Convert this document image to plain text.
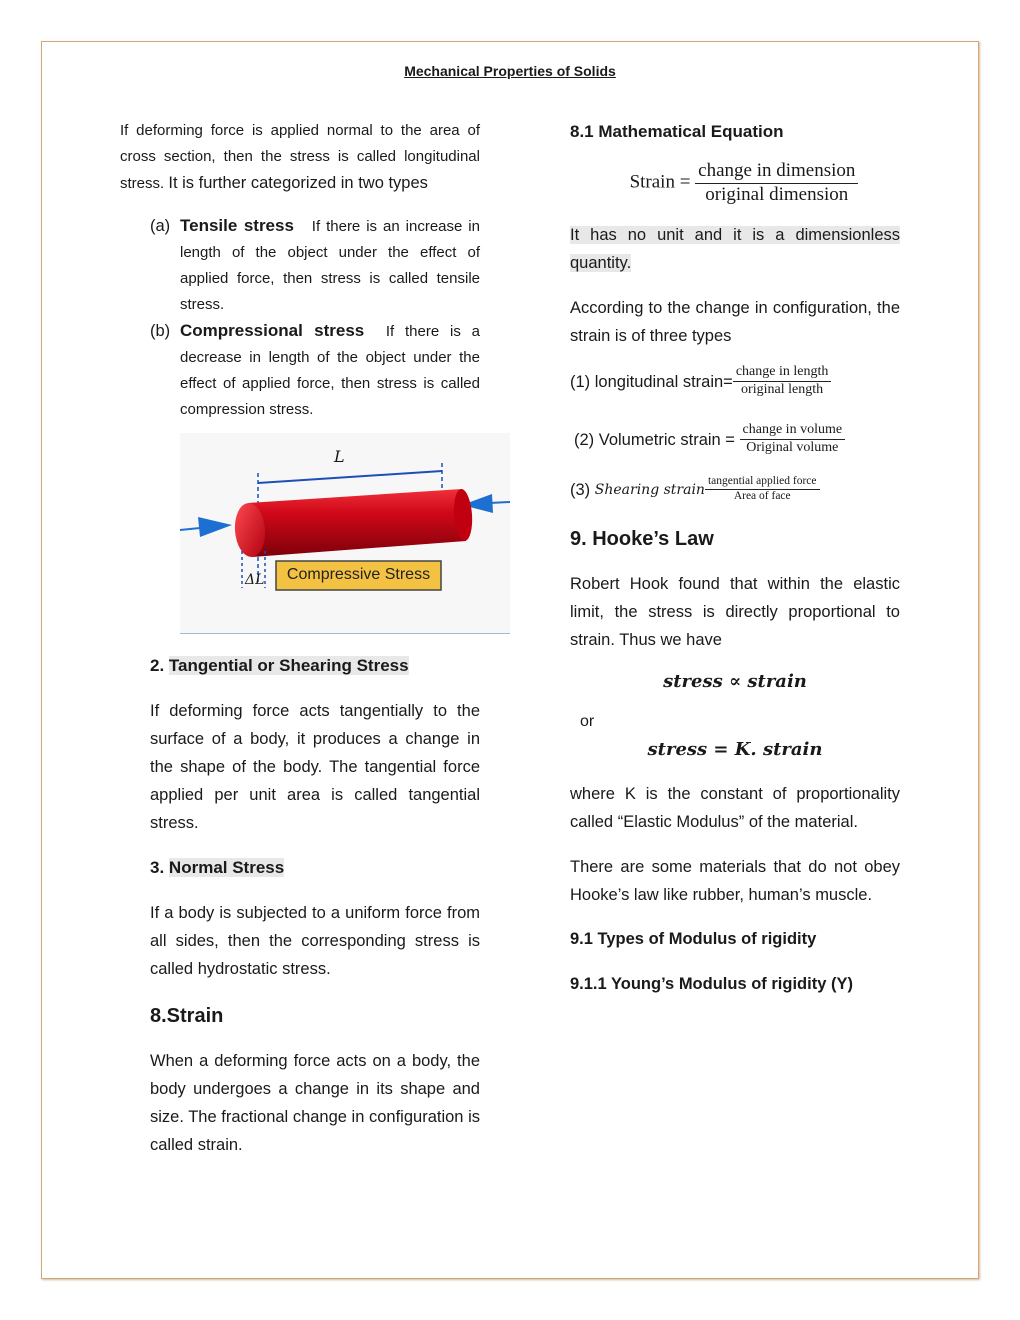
Mechanical Properties of Solids

If deforming force is applied normal to the area of cross section, then the stress is called longitudinal stress. It is further categorized in two types

(a) Tensile stress If there is an increase in length of the object under the effect of applied force, then stress is called tensile stress.
(b) Compressional stress If there is a decrease in length of the object under the effect of applied force, then stress is called compression stress.
L
ΔL	Compressive Stress
2. Tangential or Shearing Stress

If deforming force acts tangentially to the surface of a body, it produces a change in the shape of the body. The tangential force applied per unit area is called tangential stress.

3. Normal Stress

If a body is subjected to a uniform force from all sides, then the corresponding stress is called hydrostatic stress.

8.Strain

When a deforming force acts on a body, the body undergoes a change in its shape and size. The fractional change in configuration is called strain.

8.1 Mathematical Equation
Strain = $\frac{\text{change in dimension}}{\text{original dimension}}$

It has no unit and it is a dimensionless quantity.

According to the change in configuration, the strain is of three types

(1) longitudinal strain= $\frac{\text{change in length}}{\text{original length}}$
(2) Volumetric strain =
$\frac{\text{change in volume}}{\text{Original volume}}$
(3)
Shearing strain $\frac{\text{tangential applied force}}{\text{Area of face}}$
9. Hooke’s Law

Robert Hook found that within the elastic limit, the stress is directly proportional to strain. Thus we have

stress ∝ strain
or
stress = K. strain

where K is the constant of proportionality called “Elastic Modulus” of the material.

There are some materials that do not obey Hooke’s law like rubber, human’s muscle.

9.1 Types of Modulus of rigidity
9.1.1 Young’s Modulus of rigidity (Y)
